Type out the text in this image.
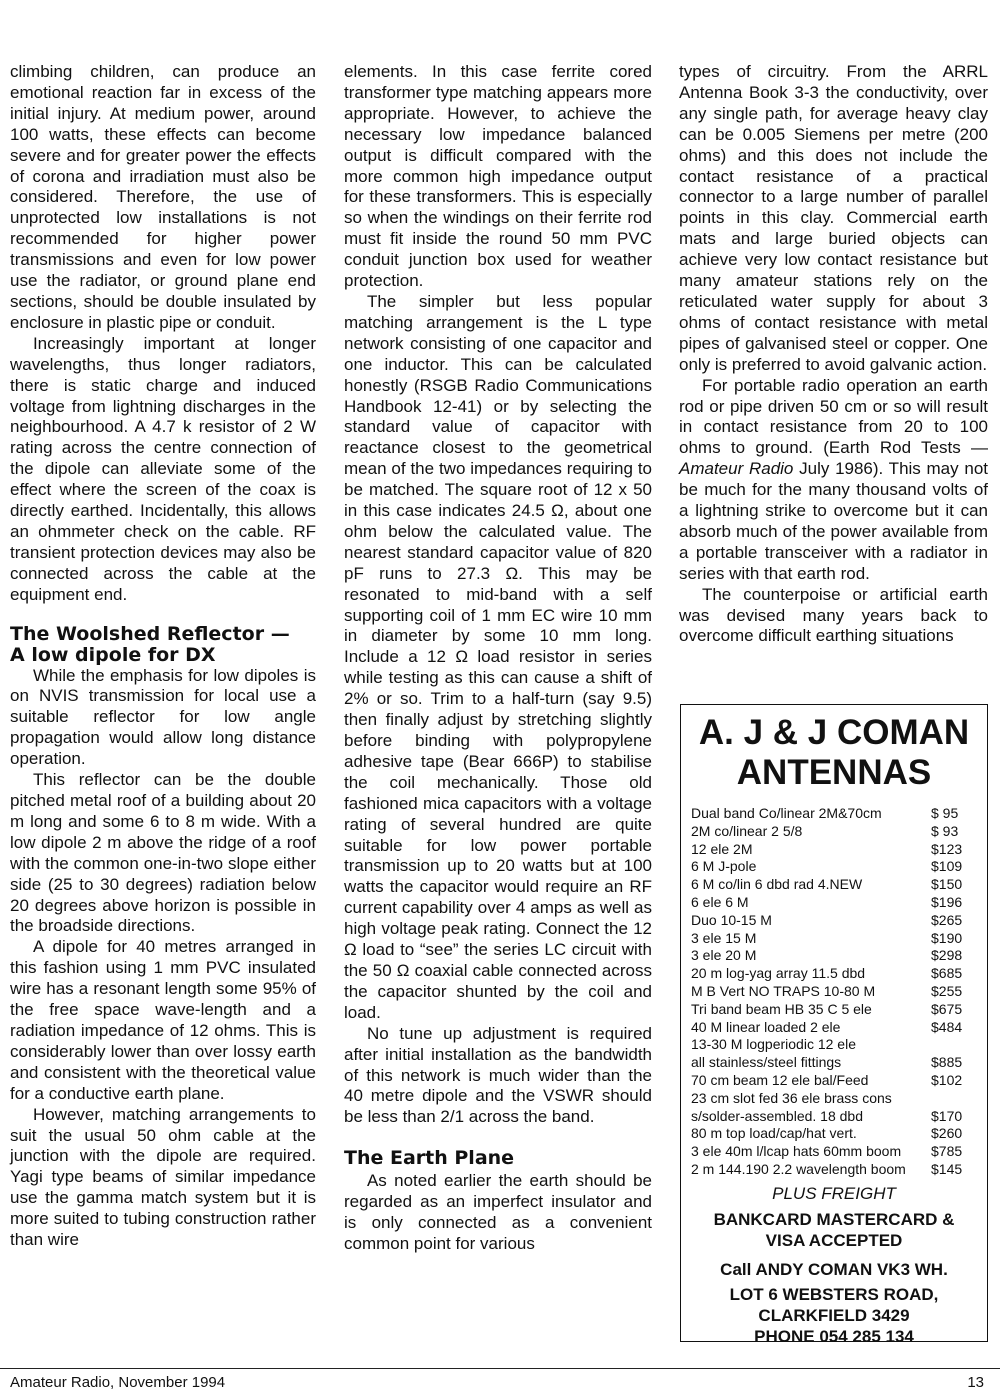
climbing children, can produce an emotional reaction far in excess of the initial injury. At medium power, around 100 watts, these effects can become severe and for greater power the effects of corona and irradiation must also be considered. Therefore, the use of unprotected low installations is not recommended for higher power transmissions and even for low power use the radiator, or ground plane end sections, should be double insulated by enclosure in plastic pipe or conduit.

Increasingly important at longer wavelengths, thus longer radiators, there is static charge and induced voltage from lightning discharges in the neighbourhood. A 4.7 k resistor of 2 W rating across the centre connection of the dipole can alleviate some of the effect where the screen of the coax is directly earthed. Incidentally, this allows an ohmmeter check on the cable. RF transient protection devices may also be connected across the cable at the equipment end.

The Woolshed Reflector —
A low dipole for DX

While the emphasis for low dipoles is on NVIS transmission for local use a suitable reflector for low angle propagation would allow long distance operation.

This reflector can be the double pitched metal roof of a building about 20 m long and some 6 to 8 m wide. With a low dipole 2 m above the ridge of a roof with the common one-in-two slope either side (25 to 30 degrees) radiation below 20 degrees above horizon is possible in the broadside directions.

A dipole for 40 metres arranged in this fashion using 1 mm PVC insulated wire has a resonant length some 95% of the free space wave-length and a radiation impedance of 12 ohms. This is considerably lower than over lossy earth and consistent with the theoretical value for a conductive earth plane.

However, matching arrangements to suit the usual 50 ohm cable at the junction with the dipole are required. Yagi type beams of similar impedance use the gamma match system but it is more suited to tubing construction rather than wire

elements. In this case ferrite cored transformer type matching appears more appropriate. However, to achieve the necessary low impedance balanced output is difficult compared with the more common high impedance output for these transformers. This is especially so when the windings on their ferrite rod must fit inside the round 50 mm PVC conduit junction box used for weather protection.

The simpler but less popular matching arrangement is the L type network consisting of one capacitor and one inductor. This can be calculated honestly (RSGB Radio Communications Handbook 12-41) or by selecting the standard value of capacitor with reactance closest to the geometrical mean of the two impedances requiring to be matched. The square root of 12 x 50 in this case indicates 24.5 Ω, about one ohm below the calculated value. The nearest standard capacitor value of 820 pF runs to 27.3 Ω. This may be resonated to mid-band with a self supporting coil of 1 mm EC wire 10 mm in diameter by some 10 mm long. Include a 12 Ω load resistor in series while testing as this can cause a shift of 2% or so. Trim to a half-turn (say 9.5) then finally adjust by stretching slightly before binding with polypropylene adhesive tape (Bear 666P) to stabilise the coil mechanically. Those old fashioned mica capacitors with a voltage rating of several hundred are quite suitable for low power portable transmission up to 20 watts but at 100 watts the capacitor would require an RF current capability over 4 amps as well as high voltage peak rating. Connect the 12 Ω load to “see” the series LC circuit with the 50 Ω coaxial cable connected across the capacitor shunted by the coil and load.

No tune up adjustment is required after initial installation as the bandwidth of this network is much wider than the 40 metre dipole and the VSWR should be less than 2/1 across the band.

The Earth Plane

As noted earlier the earth should be regarded as an imperfect insulator and is only connected as a convenient common point for various

types of circuitry. From the ARRL Antenna Book 3-3 the conductivity, over any single path, for average heavy clay can be 0.005 Siemens per metre (200 ohms) and this does not include the contact resistance of a practical connector to a large number of parallel points in this clay. Commercial earth mats and large buried objects can achieve very low contact resistance but many amateur stations rely on the reticulated water supply for about 3 ohms of contact resistance with metal pipes of galvanised steel or copper. One only is preferred to avoid galvanic action.

For portable radio operation an earth rod or pipe driven 50 cm or so will result in contact resistance from 20 to 100 ohms to ground. (Earth Rod Tests — Amateur Radio July 1986). This may not be much for the many thousand volts of a lightning strike to overcome but it can absorb much of the power available from a portable transceiver with a radiator in series with that earth rod.

The counterpoise or artificial earth was devised many years back to overcome difficult earthing situations

A. J & J COMAN
ANTENNAS
Dual band Co/linear 2M&70cm	$ 95
2M co/linear 2 5/8	$ 93
12 ele 2M	$123
6 M J-pole	$109
6 M co/lin 6 dbd rad 4.NEW	$150
6 ele 6 M	$196
Duo 10-15 M	$265
3 ele 15 M	$190
3 ele 20 M	$298
20 m log-yag array 11.5 dbd	$685
M B Vert NO TRAPS 10-80 M	$255
Tri band beam HB 35 C 5 ele	$675
40 M linear loaded 2 ele	$484
13-30 M logperiodic 12 ele
all stainless/steel fittings	$885
70 cm beam 12 ele bal/Feed	$102
23 cm slot fed 36 ele brass cons
s/solder-assembled. 18 dbd	$170
80 m top load/cap/hat vert.	$260
3 ele 40m l/lcap hats 60mm boom	$785
2 m 144.190 2.2 wavelength boom	$145
PLUS FREIGHT
BANKCARD MASTERCARD &
VISA ACCEPTED
Call ANDY COMAN VK3 WH.
LOT 6 WEBSTERS ROAD,
CLARKFIELD 3429
PHONE 054 285 134
Amateur Radio, November 1994	13
